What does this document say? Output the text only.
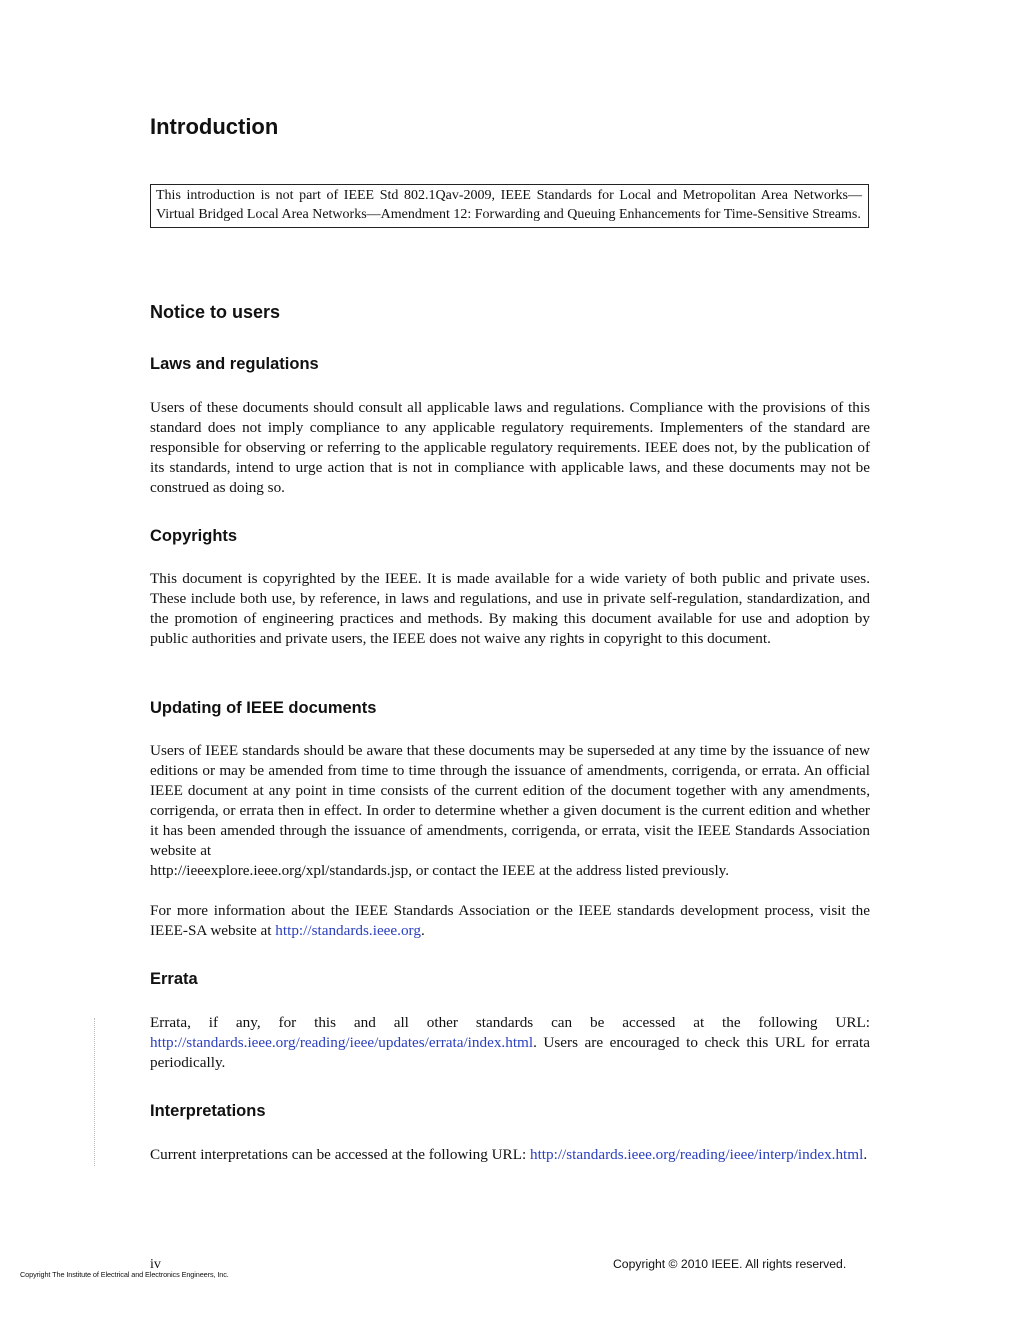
Introduction
This introduction is not part of IEEE Std 802.1Qav-2009, IEEE Standards for Local and Metropolitan Area Networks—Virtual Bridged Local Area Networks—Amendment 12: Forwarding and Queuing Enhancements for Time-Sensitive Streams.
Notice to users
Laws and regulations

Users of these documents should consult all applicable laws and regulations. Compliance with the provisions of this standard does not imply compliance to any applicable regulatory requirements. Implementers of the standard are responsible for observing or referring to the applicable regulatory requirements. IEEE does not, by the publication of its standards, intend to urge action that is not in compliance with applicable laws, and these documents may not be construed as doing so.

Copyrights

This document is copyrighted by the IEEE. It is made available for a wide variety of both public and private uses. These include both use, by reference, in laws and regulations, and use in private self-regulation, standardization, and the promotion of engineering practices and methods. By making this document available for use and adoption by public authorities and private users, the IEEE does not waive any rights in copyright to this document.

Updating of IEEE documents

Users of IEEE standards should be aware that these documents may be superseded at any time by the issuance of new editions or may be amended from time to time through the issuance of amendments, corrigenda, or errata. An official IEEE document at any point in time consists of the current edition of the document together with any amendments, corrigenda, or errata then in effect. In order to determine whether a given document is the current edition and whether it has been amended through the issuance of amendments, corrigenda, or errata, visit the IEEE Standards Association website at
http://ieeexplore.ieee.org/xpl/standards.jsp, or contact the IEEE at the address listed previously.

For more information about the IEEE Standards Association or the IEEE standards development process, visit the IEEE-SA website at http://standards.ieee.org.

Errata

Errata, if any, for this and all other standards can be accessed at the following URL: http://standards.ieee.org/reading/ieee/updates/errata/index.html. Users are encouraged to check this URL for errata periodically.

Interpretations

Current interpretations can be accessed at the following URL: http://standards.ieee.org/reading/ieee/interp/index.html.

iv	Copyright © 2010 IEEE. All rights reserved.
Copyright The Institute of Electrical and Electronics Engineers, Inc.
